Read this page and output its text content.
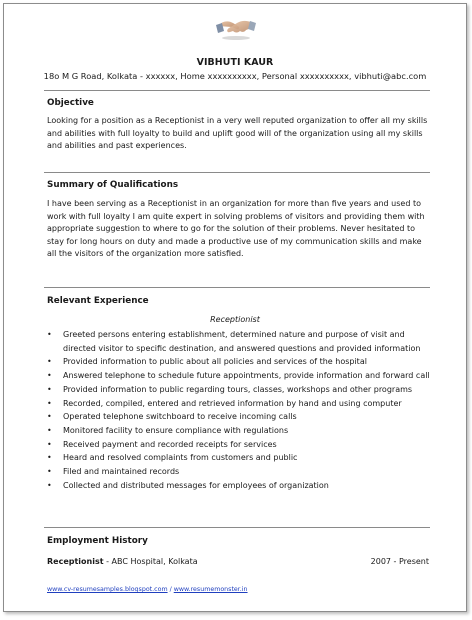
VIBHUTI KAUR
18o M G Road, Kolkata - xxxxxx, Home xxxxxxxxxx, Personal xxxxxxxxxx, vibhuti@abc.com
Objective

Looking for a position as a Receptionist in a very well reputed organization to offer all my skills and abilities with full loyalty to build and uplift good will of the organization using all my skills and abilities and past experiences.

Summary of Qualifications

I have been serving as a Receptionist in an organization for more than five years and used to work with full loyalty I am quite expert in solving problems of visitors and providing them with appropriate suggestion to where to go for the solution of their problems. Never hesitated to stay for long hours on duty and made a productive use of my communication skills and make all the visitors of the organization more satisfied.

Relevant Experience
Receptionist
• Greeted persons entering establishment, determined nature and purpose of visit and directed visitor to specific destination, and answered questions and provided information
• Provided information to public about all policies and services of the hospital
• Answered telephone to schedule future appointments, provide information and forward call
• Provided information to public regarding tours, classes, workshops and other programs
• Recorded, compiled, entered and retrieved information by hand and using computer
• Operated telephone switchboard to receive incoming calls
• Monitored facility to ensure compliance with regulations
• Received payment and recorded receipts for services
• Heard and resolved complaints from customers and public
• Filed and maintained records
• Collected and distributed messages for employees of organization
Employment History
Receptionist - ABC Hospital, Kolkata	2007 - Present
www.cv-resumesamples.blogspot.com / www.resumemonster.in
